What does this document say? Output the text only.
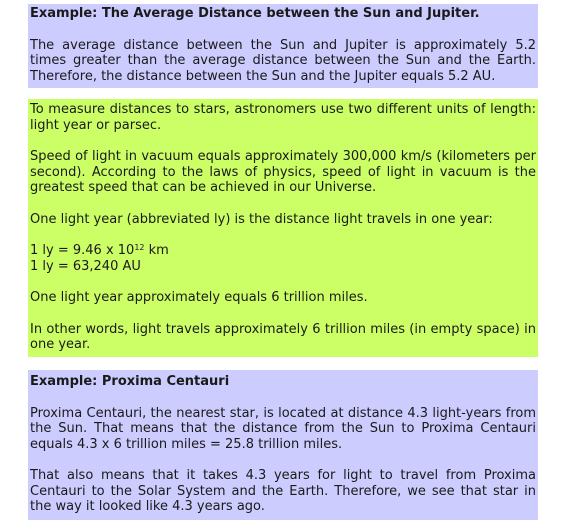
Example: The Average Distance between the Sun and Jupiter.

The average distance between the Sun and Jupiter is approximately 5.2 times greater than the average distance between the Sun and the Earth. Therefore, the distance between the Sun and the Jupiter equals 5.2 AU.

To measure distances to stars, astronomers use two different units of length: light year or parsec.

Speed of light in vacuum equals approximately 300,000 km/s (kilometers per second). According to the laws of physics, speed of light in vacuum is the greatest speed that can be achieved in our Universe.

One light year (abbreviated ly) is the distance light travels in one year:

1 ly = 9.46 x $10^{12}$ km

1 ly = 63,240 AU

One light year approximately equals 6 trillion miles.

In other words, light travels approximately 6 trillion miles (in empty space) in one year.

Example: Proxima Centauri

Proxima Centauri, the nearest star, is located at distance 4.3 light-years from the Sun. That means that the distance from the Sun to Proxima Centauri equals 4.3 x 6 trillion miles = 25.8 trillion miles.

That also means that it takes 4.3 years for light to travel from Proxima Centauri to the Solar System and the Earth. Therefore, we see that star in the way it looked like 4.3 years ago.
